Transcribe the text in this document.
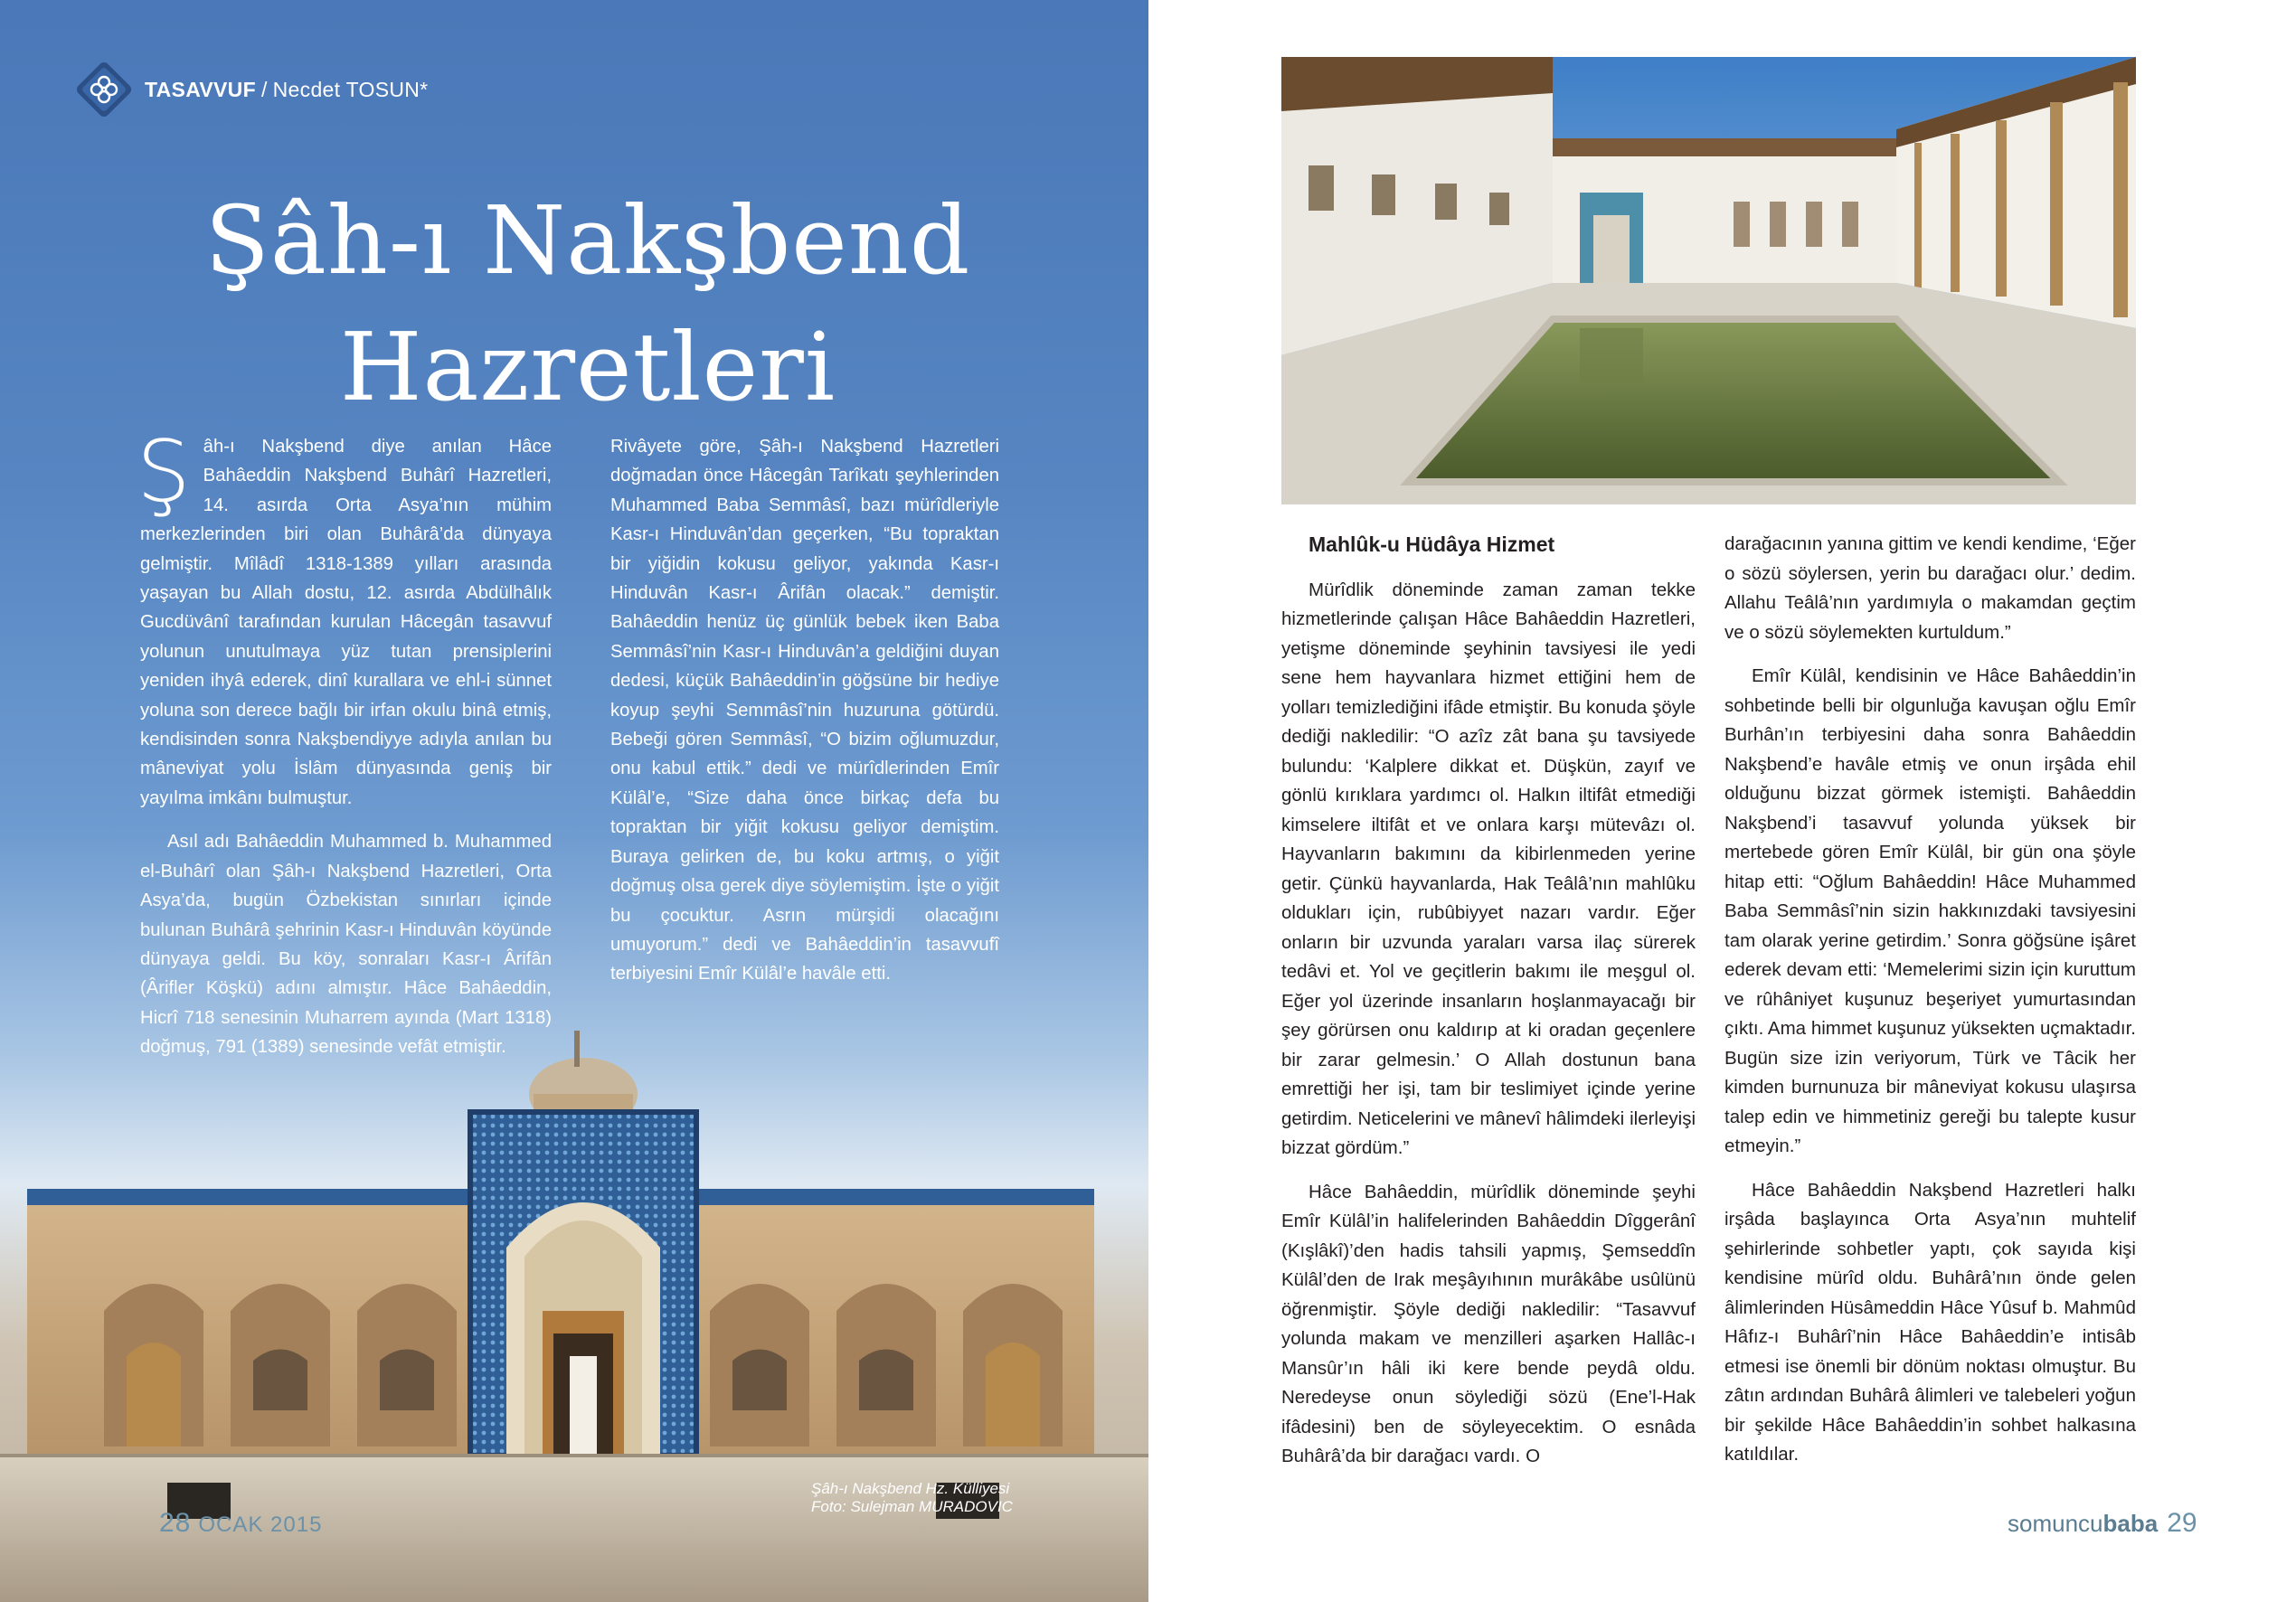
TASAVVUF / Necdet TOSUN*
Şâh-ı Nakşbend
Hazretleri

Şâh-ı Nakşbend diye anılan Hâce Bahâeddin Nakşbend Buhârî Hazretleri, 14. asırda Orta Asya’nın mühim merkezlerinden biri olan Buhârâ’da dünyaya gelmiştir. Mîlâdî 1318-1389 yılları arasında yaşayan bu Allah dostu, 12. asırda Abdülhâlık Gucdüvânî tarafından kurulan Hâcegân tasavvuf yolunun unutulmaya yüz tutan prensiplerini yeniden ihyâ ederek, dinî kurallara ve ehl-i sünnet yoluna son derece bağlı bir irfan okulu binâ etmiş, kendisinden sonra Nakşbendiyye adıyla anılan bu mâneviyat yolu İslâm dünyasında geniş bir yayılma imkânı bulmuştur.

Asıl adı Bahâeddin Muhammed b. Muhammed el-Buhârî olan Şâh-ı Nakşbend Hazretleri, Orta Asya’da, bugün Özbekistan sınırları içinde bulunan Buhârâ şehrinin Kasr-ı Hinduvân köyünde dünyaya geldi. Bu köy, sonraları Kasr-ı Ârifân (Ârifler Köşkü) adını almıştır. Hâce Bahâeddin, Hicrî 718 senesinin Muharrem ayında (Mart 1318) doğmuş, 791 (1389) senesinde vefât etmiştir.

Rivâyete göre, Şâh-ı Nakşbend Hazretleri doğmadan önce Hâcegân Tarîkatı şeyhlerinden Muhammed Baba Semmâsî, bazı mürîdleriyle Kasr-ı Hinduvân’dan geçerken, “Bu topraktan bir yiğidin kokusu geliyor, yakında Kasr-ı Hinduvân Kasr-ı Ârifân olacak.” demiştir. Bahâeddin henüz üç günlük bebek iken Baba Semmâsî’nin Kasr-ı Hinduvân’a geldiğini duyan dedesi, küçük Bahâeddin’in göğsüne bir hediye koyup şeyhi Semmâsî’nin huzuruna götürdü. Bebeği gören Semmâsî, “O bizim oğlumuzdur, onu kabul ettik.” dedi ve mürîdlerinden Emîr Külâl’e, “Size daha önce birkaç defa bu topraktan bir yiğit kokusu geliyor demiştim. Buraya gelirken de, bu koku artmış, o yiğit doğmuş olsa gerek diye söylemiştim. İşte o yiğit bu çocuktur. Asrın mürşidi olacağını umuyorum.” dedi ve Bahâeddin’in tasavvufî terbiyesini Emîr Külâl’e havâle etti.

Şâh-ı Nakşbend Hz. Külliyesi
Foto: Sulejman MURADOVIC
28 OCAK 2015
Mahlûk-u Hüdâya Hizmet

Mürîdlik döneminde zaman zaman tekke hizmetlerinde çalışan Hâce Bahâeddin Hazretleri, yetişme döneminde şeyhinin tavsiyesi ile yedi sene hem hayvanlara hizmet ettiğini hem de yolları temizlediğini ifâde etmiştir. Bu konuda şöyle dediği nakledilir: “O azîz zât bana şu tavsiyede bulundu: ‘Kalplere dikkat et. Düşkün, zayıf ve gönlü kırıklara yardımcı ol. Halkın iltifât etmediği kimselere iltifât et ve onlara karşı mütevâzı ol. Hayvanların bakımını da kibirlenmeden yerine getir. Çünkü hayvanlarda, Hak Teâlâ’nın mahlûku oldukları için, rubûbiyyet nazarı vardır. Eğer onların bir uzvunda yaraları varsa ilaç sürerek tedâvi et. Yol ve geçitlerin bakımı ile meşgul ol. Eğer yol üzerinde insanların hoşlanmayacağı bir şey görürsen onu kaldırıp at ki oradan geçenlere bir zarar gelmesin.’ O Allah dostunun bana emrettiği her işi, tam bir teslimiyet içinde yerine getirdim. Neticelerini ve mânevî hâlimdeki ilerleyişi bizzat gördüm.”

Hâce Bahâeddin, mürîdlik döneminde şeyhi Emîr Külâl’in halifelerinden Bahâeddin Dîggerânî (Kışlâkî)’den hadis tahsili yapmış, Şemseddîn Külâl’den de Irak meşâyıhının murâkâbe usûlünü öğrenmiştir. Şöyle dediği nakledilir: “Tasavvuf yolunda makam ve menzilleri aşarken Hallâc-ı Mansûr’ın hâli iki kere bende peydâ oldu. Neredeyse onun söylediği sözü (Ene’l-Hak ifâdesini) ben de söyleyecektim. O esnâda Buhârâ’da bir darağacı vardı. O

darağacının yanına gittim ve kendi kendime, ‘Eğer o sözü söylersen, yerin bu darağacı olur.’ dedim. Allahu Teâlâ’nın yardımıyla o makamdan geçtim ve o sözü söylemekten kurtuldum.”

Emîr Külâl, kendisinin ve Hâce Bahâeddin’in sohbetinde belli bir olgunluğa kavuşan oğlu Emîr Burhân’ın terbiyesini daha sonra Bahâeddin Nakşbend’e havâle etmiş ve onun irşâda ehil olduğunu bizzat görmek istemişti. Bahâeddin Nakşbend’i tasavvuf yolunda yüksek bir mertebede gören Emîr Külâl, bir gün ona şöyle hitap etti: “Oğlum Bahâeddin! Hâce Muhammed Baba Semmâsî’nin sizin hakkınızdaki tavsiyesini tam olarak yerine getirdim.’ Sonra göğsüne işâret ederek devam etti: ‘Memelerimi sizin için kuruttum ve rûhâniyet kuşunuz beşeriyet yumurtasından çıktı. Ama himmet kuşunuz yüksekten uçmaktadır. Bugün size izin veriyorum, Türk ve Tâcik her kimden burnunuza bir mâneviyat kokusu ulaşırsa talep edin ve himmetiniz gereği bu talepte kusur etmeyin.”

Hâce Bahâeddin Nakşbend Hazretleri halkı irşâda başlayınca Orta Asya’nın muhtelif şehirlerinde sohbetler yaptı, çok sayıda kişi kendisine mürîd oldu. Buhârâ’nın önde gelen âlimlerinden Hüsâmeddin Hâce Yûsuf b. Mahmûd Hâfız-ı Buhârî’nin Hâce Bahâeddin’e intisâb etmesi ise önemli bir dönüm noktası olmuştur. Bu zâtın ardından Buhârâ âlimleri ve talebeleri yoğun bir şekilde Hâce Bahâeddin’in sohbet halkasına katıldılar.

somuncubaba 29
